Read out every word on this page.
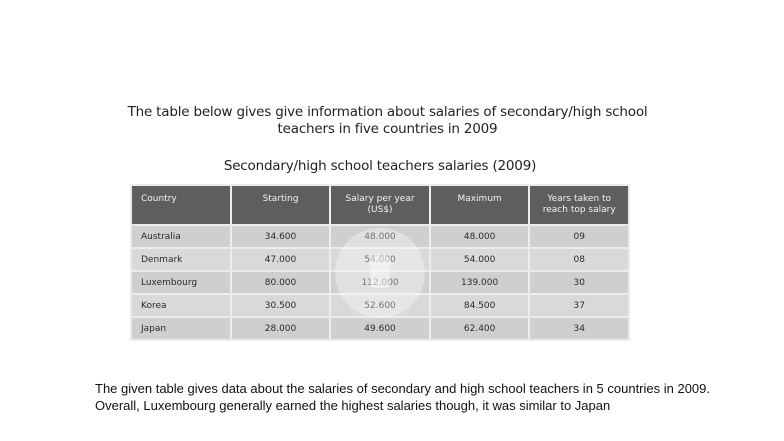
The table below gives give information about salaries of secondary/high school teachers in five countries in 2009
Secondary/high school teachers salaries (2009)
Country	Starting	Salary per year (US$)	Maximum	Years taken to reach top salary
Australia	34.600	48.000	48.000	09
Denmark	47.000	54.000	54.000	08
Luxembourg	80.000	112.000	139.000	30
Korea	30.500	52.600	84.500	37
Japan	28.000	49.600	62.400	34

The given table gives data about the salaries of secondary and high school teachers in 5 countries in 2009.

Overall, Luxembourg generally earned the highest salaries though, it was similar to Japan
